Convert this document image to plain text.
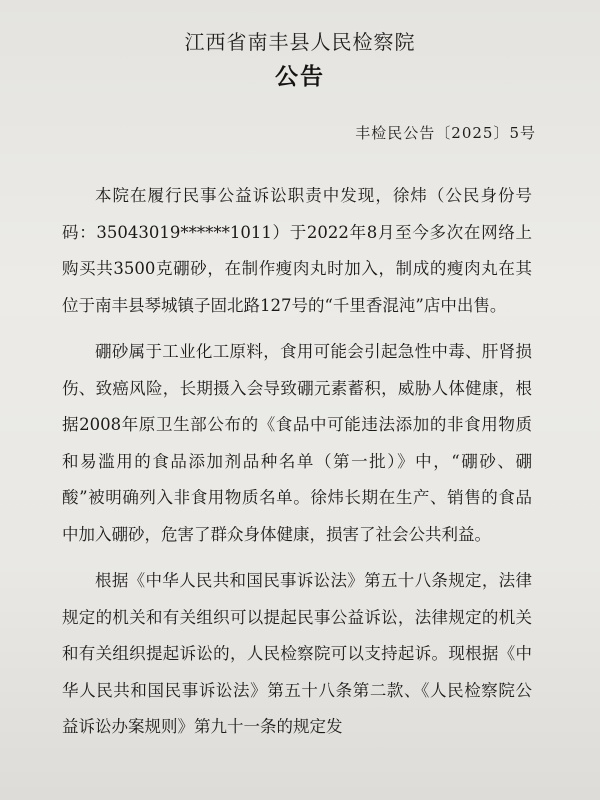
江西省南丰县人民检察院
公告
丰检民公告〔2025〕5号

本院在履行民事公益诉讼职责中发现，徐炜（公民身份号码：35043019******1011）于2022年8月至今多次在网络上购买共3500克硼砂，在制作瘦肉丸时加入，制成的瘦肉丸在其位于南丰县琴城镇子固北路127号的“千里香混沌”店中出售。

硼砂属于工业化工原料，食用可能会引起急性中毒、肝肾损伤、致癌风险，长期摄入会导致硼元素蓄积，威胁人体健康，根据2008年原卫生部公布的《食品中可能违法添加的非食用物质和易滥用的食品添加剂品种名单（第一批）》中，“硼砂、硼酸”被明确列入非食用物质名单。徐炜长期在生产、销售的食品中加入硼砂，危害了群众身体健康，损害了社会公共利益。

根据《中华人民共和国民事诉讼法》第五十八条规定，法律规定的机关和有关组织可以提起民事公益诉讼，法律规定的机关和有关组织提起诉讼的，人民检察院可以支持起诉。现根据《中华人民共和国民事诉讼法》第五十八条第二款、《人民检察院公益诉讼办案规则》第九十一条的规定发
